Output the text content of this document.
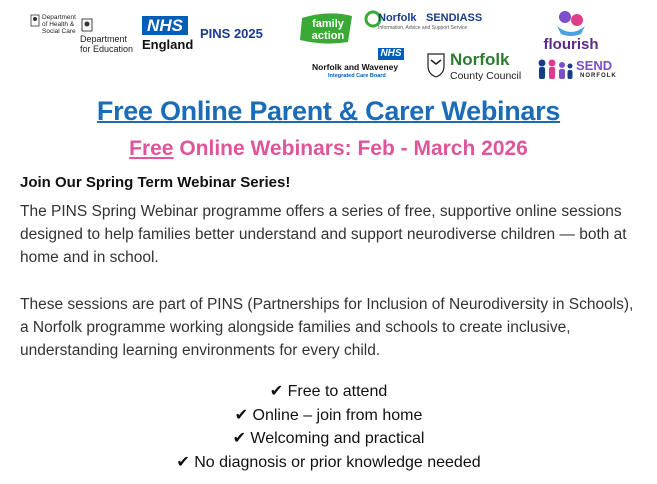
Department
of Health &
Social Care
Department
for Education
NHS
England
PINS 2025
family
action
Norfolk SENDIASS
Information, Advice and Support Service
flourish
NHS
Norfolk and Waveney
Integrated Care Board
Norfolk
County Council
SEND
NORFOLK
Free Online Parent & Carer Webinars
Free Online Webinars: Feb - March 2026
Join Our Spring Term Webinar Series!
The PINS Spring Webinar programme offers a series of free, supportive online sessions designed to help families better understand and support neurodiverse children — both at home and in school.
These sessions are part of PINS (Partnerships for Inclusion of Neurodiversity in Schools), a Norfolk programme working alongside families and schools to create inclusive, understanding learning environments for every child.
✔ Free to attend
✔ Online – join from home
✔ Welcoming and practical
✔ No diagnosis or prior knowledge needed
